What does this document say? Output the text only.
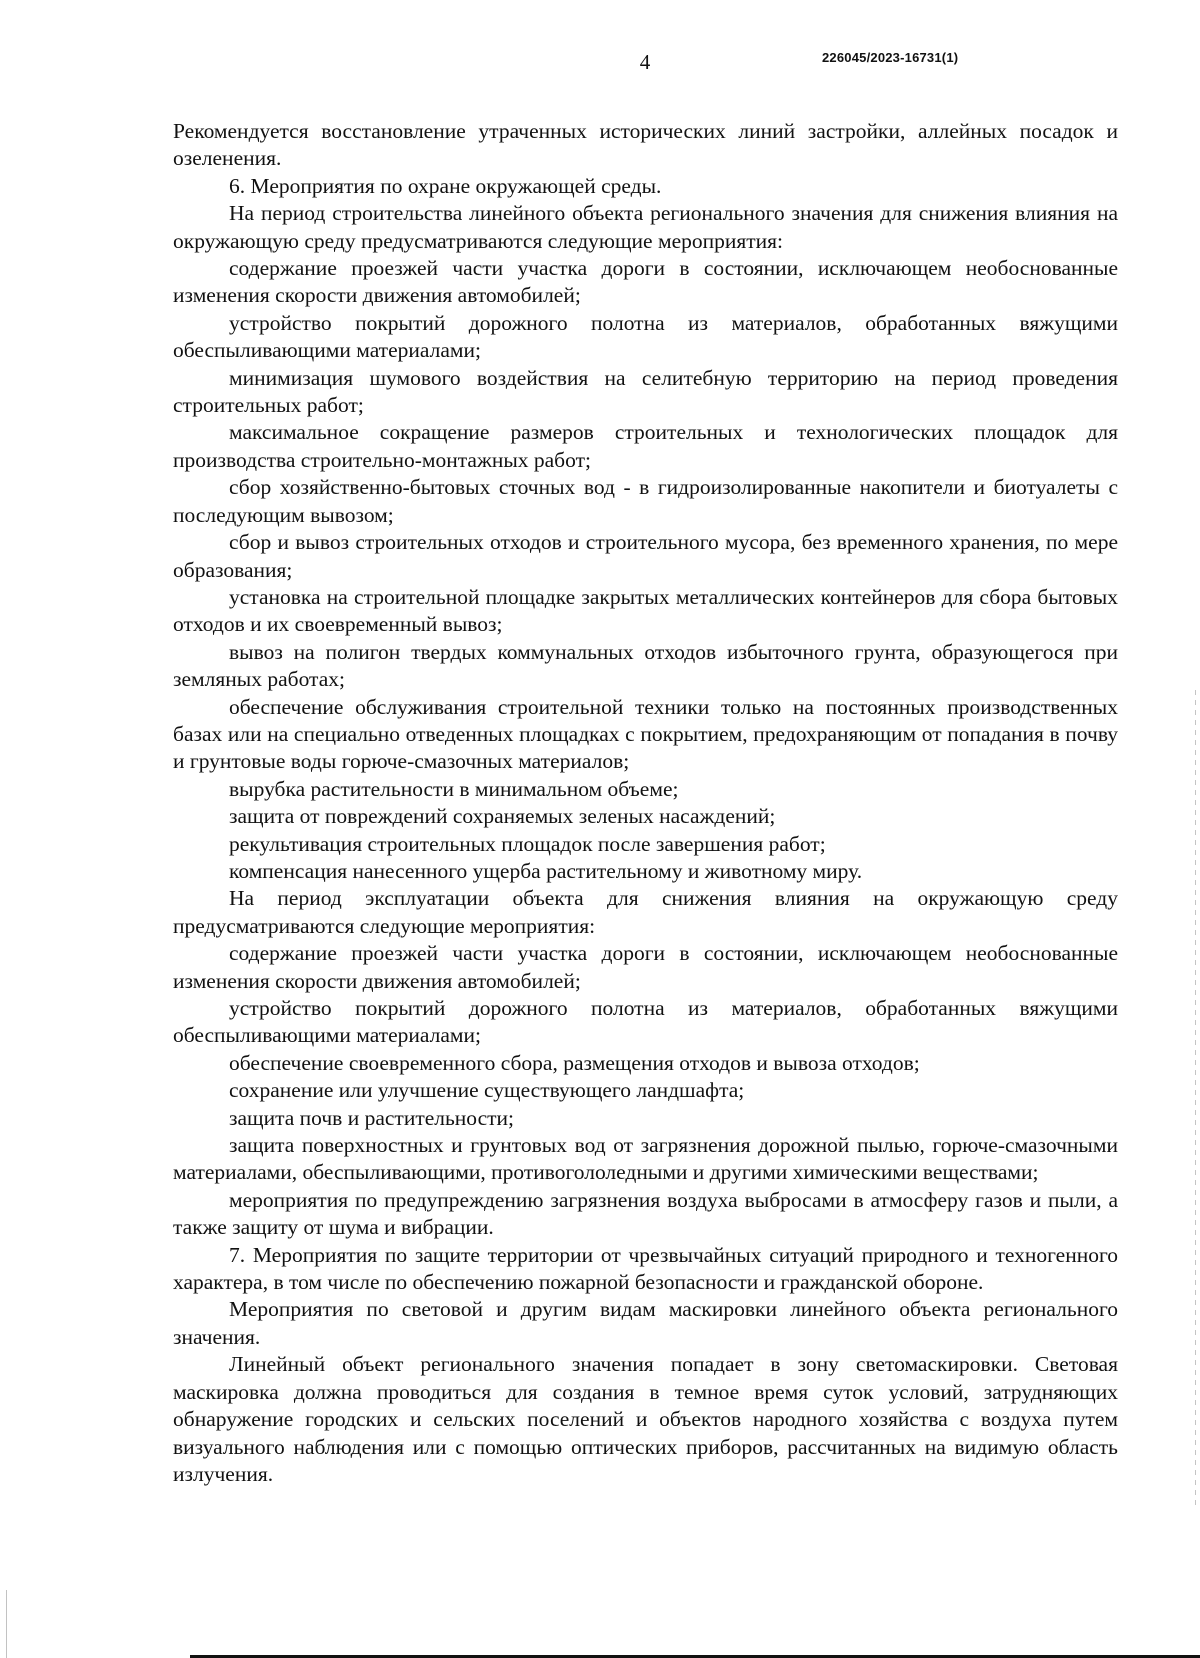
4	226045/2023-16731(1)

Рекомендуется восстановление утраченных исторических линий застройки, аллейных посадок и озеленения.

6. Мероприятия по охране окружающей среды.

На период строительства линейного объекта регионального значения для снижения влияния на окружающую среду предусматриваются следующие мероприятия:

содержание проезжей части участка дороги в состоянии, исключающем необоснованные изменения скорости движения автомобилей;

устройство покрытий дорожного полотна из материалов, обработанных вяжущими обеспыливающими материалами;

минимизация шумового воздействия на селитебную территорию на период проведения строительных работ;

максимальное сокращение размеров строительных и технологических площадок для производства строительно-монтажных работ;

сбор хозяйственно-бытовых сточных вод - в гидроизолированные накопители и биотуалеты с последующим вывозом;

сбор и вывоз строительных отходов и строительного мусора, без временного хранения, по мере образования;

установка на строительной площадке закрытых металлических контейнеров для сбора бытовых отходов и их своевременный вывоз;

вывоз на полигон твердых коммунальных отходов избыточного грунта, образующегося при земляных работах;

обеспечение обслуживания строительной техники только на постоянных производственных базах или на специально отведенных площадках с покрытием, предохраняющим от попадания в почву и грунтовые воды горюче-смазочных материалов;

вырубка растительности в минимальном объеме;

защита от повреждений сохраняемых зеленых насаждений;

рекультивация строительных площадок после завершения работ;

компенсация нанесенного ущерба растительному и животному миру.

На период эксплуатации объекта для снижения влияния на окружающую среду предусматриваются следующие мероприятия:

содержание проезжей части участка дороги в состоянии, исключающем необоснованные изменения скорости движения автомобилей;

устройство покрытий дорожного полотна из материалов, обработанных вяжущими обеспыливающими материалами;

обеспечение своевременного сбора, размещения отходов и вывоза отходов;

сохранение или улучшение существующего ландшафта;

защита почв и растительности;

защита поверхностных и грунтовых вод от загрязнения дорожной пылью, горюче-смазочными материалами, обеспыливающими, противогололедными и другими химическими веществами;

мероприятия по предупреждению загрязнения воздуха выбросами в атмосферу газов и пыли, а также защиту от шума и вибрации.

7. Мероприятия по защите территории от чрезвычайных ситуаций природного и техногенного характера, в том числе по обеспечению пожарной безопасности и гражданской обороне.

Мероприятия по световой и другим видам маскировки линейного объекта регионального значения.

Линейный объект регионального значения попадает в зону светомаскировки. Световая маскировка должна проводиться для создания в темное время суток условий, затрудняющих обнаружение городских и сельских поселений и объектов народного хозяйства с воздуха путем визуального наблюдения или с помощью оптических приборов, рассчитанных на видимую область излучения.
